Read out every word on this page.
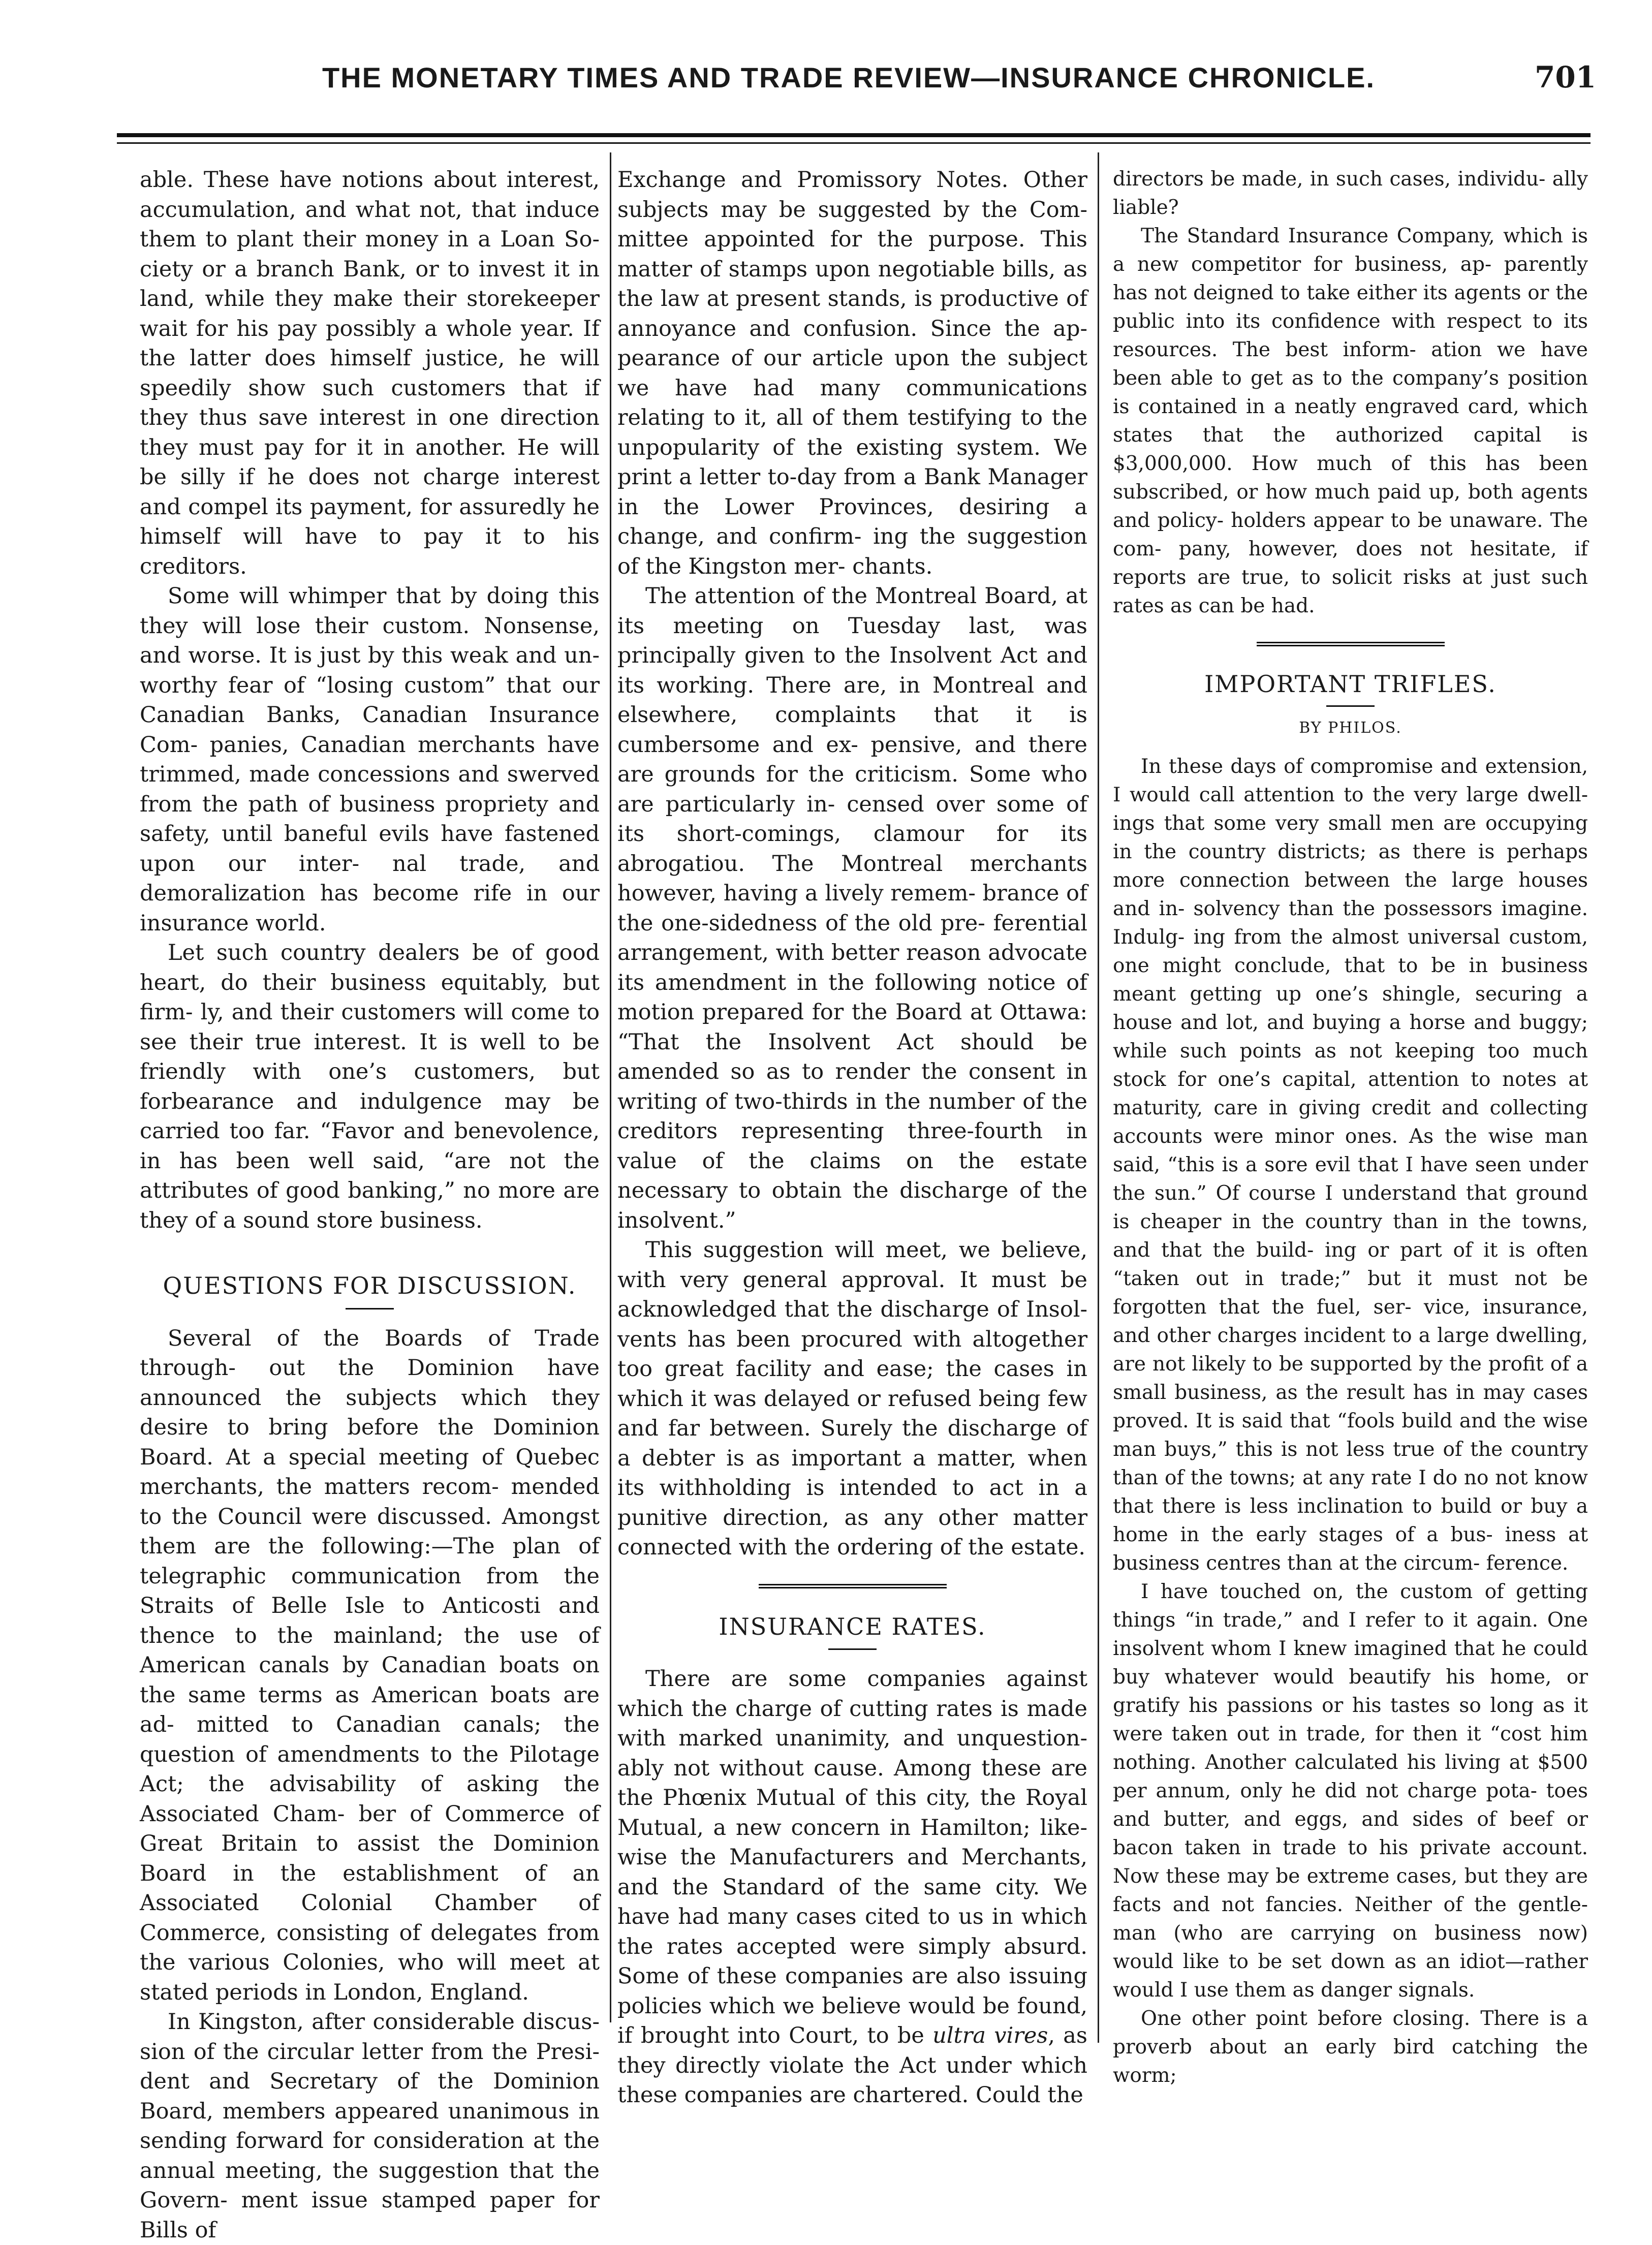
THE MONETARY TIMES AND TRADE REVIEW—INSURANCE CHRONICLE.	701

able. These have notions about interest, accumulation, and what not, that induce them to plant their money in a Loan So- ciety or a branch Bank, or to invest it in land, while they make their storekeeper wait for his pay possibly a whole year. If the latter does himself justice, he will speedily show such customers that if they thus save interest in one direction they must pay for it in another. He will be silly if he does not charge interest and compel its payment, for assuredly he himself will have to pay it to his creditors.

Some will whimper that by doing this they will lose their custom. Nonsense, and worse. It is just by this weak and un- worthy fear of “losing custom” that our Canadian Banks, Canadian Insurance Com- panies, Canadian merchants have trimmed, made concessions and swerved from the path of business propriety and safety, until baneful evils have fastened upon our inter- nal trade, and demoralization has become rife in our insurance world.

Let such country dealers be of good heart, do their business equitably, but firm- ly, and their customers will come to see their true interest. It is well to be friendly with one’s customers, but forbearance and indulgence may be carried too far. “Favor and benevolence, in has been well said, “are not the attributes of good banking,” no more are they of a sound store business.

QUESTIONS FOR DISCUSSION.

Several of the Boards of Trade through- out the Dominion have announced the subjects which they desire to bring before the Dominion Board. At a special meeting of Quebec merchants, the matters recom- mended to the Council were discussed. Amongst them are the following:—The plan of telegraphic communication from the Straits of Belle Isle to Anticosti and thence to the mainland; the use of American canals by Canadian boats on the same terms as American boats are ad- mitted to Canadian canals; the question of amendments to the Pilotage Act; the advisability of asking the Associated Cham- ber of Commerce of Great Britain to assist the Dominion Board in the establishment of an Associated Colonial Chamber of Commerce, consisting of delegates from the various Colonies, who will meet at stated periods in London, England.

In Kingston, after considerable discus- sion of the circular letter from the Presi- dent and Secretary of the Dominion Board, members appeared unanimous in sending forward for consideration at the annual meeting, the suggestion that the Govern- ment issue stamped paper for Bills of

Exchange and Promissory Notes. Other subjects may be suggested by the Com- mittee appointed for the purpose. This matter of stamps upon negotiable bills, as the law at present stands, is productive of annoyance and confusion. Since the ap- pearance of our article upon the subject we have had many communications relating to it, all of them testifying to the unpopularity of the existing system. We print a letter to-day from a Bank Manager in the Lower Provinces, desiring a change, and confirm- ing the suggestion of the Kingston mer- chants.

The attention of the Montreal Board, at its meeting on Tuesday last, was principally given to the Insolvent Act and its working. There are, in Montreal and elsewhere, complaints that it is cumbersome and ex- pensive, and there are grounds for the criticism. Some who are particularly in- censed over some of its short-comings, clamour for its abrogatiou. The Montreal merchants however, having a lively remem- brance of the one-sidedness of the old pre- ferential arrangement, with better reason advocate its amendment in the following notice of motion prepared for the Board at Ottawa: “That the Insolvent Act should be amended so as to render the consent in writing of two-thirds in the number of the creditors representing three-fourth in value of the claims on the estate necessary to obtain the discharge of the insolvent.”

This suggestion will meet, we believe, with very general approval. It must be acknowledged that the discharge of Insol- vents has been procured with altogether too great facility and ease; the cases in which it was delayed or refused being few and far between. Surely the discharge of a debter is as important a matter, when its withholding is intended to act in a punitive direction, as any other matter connected with the ordering of the estate.

INSURANCE RATES.

There are some companies against which the charge of cutting rates is made with marked unanimity, and unquestion- ably not without cause. Among these are the Phœnix Mutual of this city, the Royal Mutual, a new concern in Hamilton; like- wise the Manufacturers and Merchants, and the Standard of the same city. We have had many cases cited to us in which the rates accepted were simply absurd. Some of these companies are also issuing policies which we believe would be found, if brought into Court, to be ultra vires, as they directly violate the Act under which these companies are chartered. Could the

directors be made, in such cases, individu- ally liable?

The Standard Insurance Company, which is a new competitor for business, ap- parently has not deigned to take either its agents or the public into its confidence with respect to its resources. The best inform- ation we have been able to get as to the company’s position is contained in a neatly engraved card, which states that the authorized capital is $3,000,000. How much of this has been subscribed, or how much paid up, both agents and policy- holders appear to be unaware. The com- pany, however, does not hesitate, if reports are true, to solicit risks at just such rates as can be had.

IMPORTANT TRIFLES.
BY PHILOS.

In these days of compromise and extension, I would call attention to the very large dwell- ings that some very small men are occupying in the country districts; as there is perhaps more connection between the large houses and in- solvency than the possessors imagine. Indulg- ing from the almost universal custom, one might conclude, that to be in business meant getting up one’s shingle, securing a house and lot, and buying a horse and buggy; while such points as not keeping too much stock for one’s capital, attention to notes at maturity, care in giving credit and collecting accounts were minor ones. As the wise man said, “this is a sore evil that I have seen under the sun.” Of course I understand that ground is cheaper in the country than in the towns, and that the build- ing or part of it is often “taken out in trade;” but it must not be forgotten that the fuel, ser- vice, insurance, and other charges incident to a large dwelling, are not likely to be supported by the profit of a small business, as the result has in may cases proved. It is said that “fools build and the wise man buys,” this is not less true of the country than of the towns; at any rate I do no not know that there is less inclination to build or buy a home in the early stages of a bus- iness at business centres than at the circum- ference.

I have touched on, the custom of getting things “in trade,” and I refer to it again. One insolvent whom I knew imagined that he could buy whatever would beautify his home, or gratify his passions or his tastes so long as it were taken out in trade, for then it “cost him nothing. Another calculated his living at $500 per annum, only he did not charge pota- toes and butter, and eggs, and sides of beef or bacon taken in trade to his private account. Now these may be extreme cases, but they are facts and not fancies. Neither of the gentle- man (who are carrying on business now) would like to be set down as an idiot—rather would I use them as danger signals.

One other point before closing. There is a proverb about an early bird catching the worm;
